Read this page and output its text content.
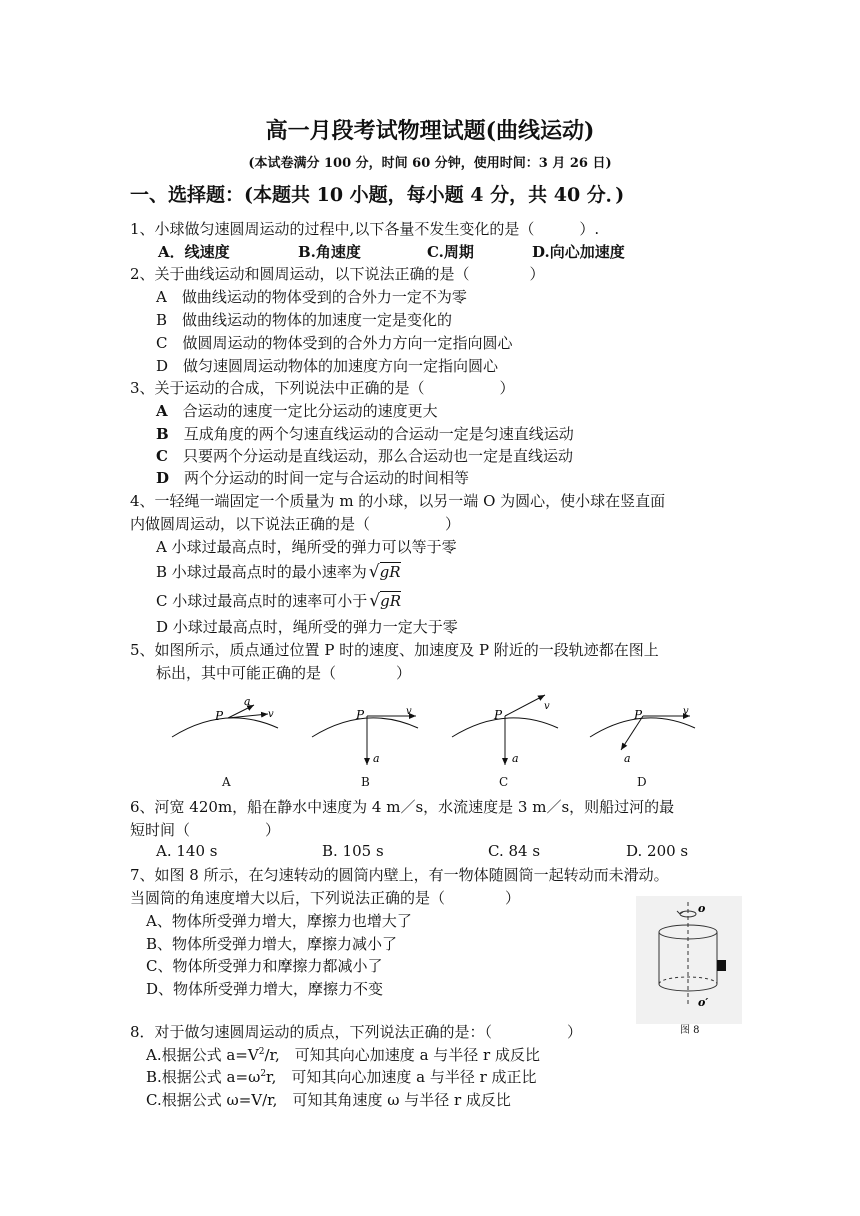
高一月段考试物理试题(曲线运动)
(本试卷满分 100 分，时间 60 分钟，使用时间：3 月 26 日)
一、选择题：(本题共 10 小题，每小题 4 分，共 40 分．)
1、小球做匀速圆周运动的过程中,以下各量不发生变化的是（　　　）.
A．线速度	B.角速度	C.周期	D.向心加速度
2、关于曲线运动和圆周运动，以下说法正确的是（　　　　）
A　做曲线运动的物体受到的合外力一定不为零
B　做曲线运动的物体的加速度一定是变化的
C　做圆周运动的物体受到的合外力方向一定指向圆心
D　做匀速圆周运动物体的加速度方向一定指向圆心
3、关于运动的合成，下列说法中正确的是（　　　　　）
A　 合运动的速度一定比分运动的速度更大
B　 互成角度的两个匀速直线运动的合运动一定是匀速直线运动
C　 只要两个分运动是直线运动，那么合运动也一定是直线运动
D　 两个分运动的时间一定与合运动的时间相等
4、一轻绳一端固定一个质量为 m 的小球，以另一端 O 为圆心，使小球在竖直面
内做圆周运动，以下说法正确的是（　　　　　）
A 小球过最高点时，绳所受的弹力可以等于零
B 小球过最高点时的最小速率为 √gR
C 小球过最高点时的速率可小于 √gR
D 小球过最高点时，绳所受的弹力一定大于零
5、如图所示，质点通过位置 P 时的速度、加速度及 P 附近的一段轨迹都在图上
标出，其中可能正确的是（　　　　）
P
a
v	P	v
a
P
v
a
P	v
a
A	B	C	D
6、河宽 420m，船在静水中速度为 4 m／s，水流速度是 3 m／s，则船过河的最
短时间（　　　　　）
A. 140 s	B. 105 s	C. 84 s	D. 200 s
7、如图 8 所示，在匀速转动的圆筒内壁上，有一物体随圆筒一起转动而未滑动。
当圆筒的角速度增大以后，下列说法正确的是（　　　　）
A、物体所受弹力增大，摩擦力也增大了
B、物体所受弹力增大，摩擦力减小了
C、物体所受弹力和摩擦力都减小了
D、物体所受弹力增大，摩擦力不变
o
o′
图 8
8．对于做匀速圆周运动的质点，下列说法正确的是：（　　　　　）
A.根据公式 $a=V^2/r$,　可知其向心加速度 a 与半径 r 成反比
B.根据公式 $a=\omega^2r$,　可知其向心加速度 a 与半径 r 成正比
C.根据公式 ω=V/r,　可知其角速度 ω 与半径 r 成反比
